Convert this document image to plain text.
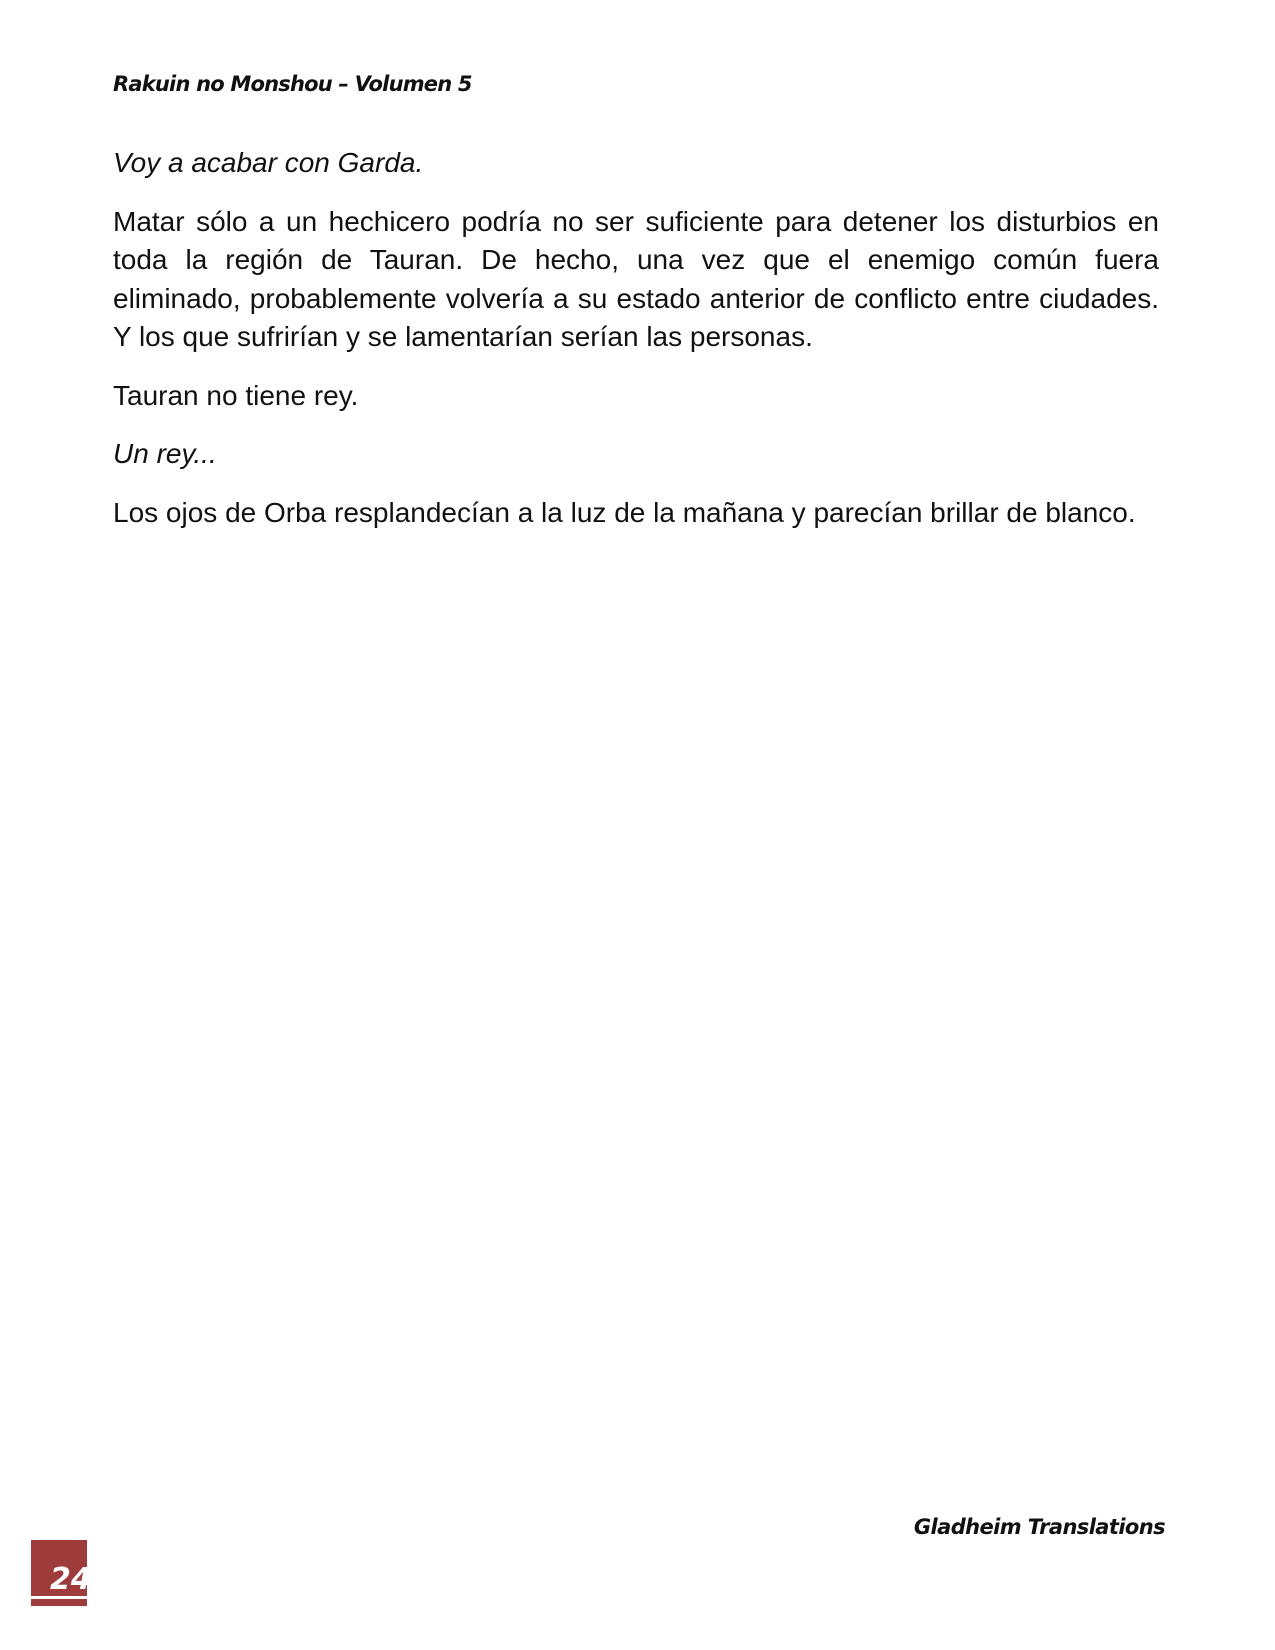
Rakuin no Monshou – Volumen 5

Voy a acabar con Garda.

Matar sólo a un hechicero podría no ser suficiente para detener los disturbios en toda la región de Tauran. De hecho, una vez que el enemigo común fuera eliminado, probablemente volvería a su estado anterior de conflicto entre ciudades. Y los que sufrirían y se lamentarían serían las personas.

Tauran no tiene rey.

Un rey...

Los ojos de Orba resplandecían a la luz de la mañana y parecían brillar de blanco.

Gladheim Translations
24
